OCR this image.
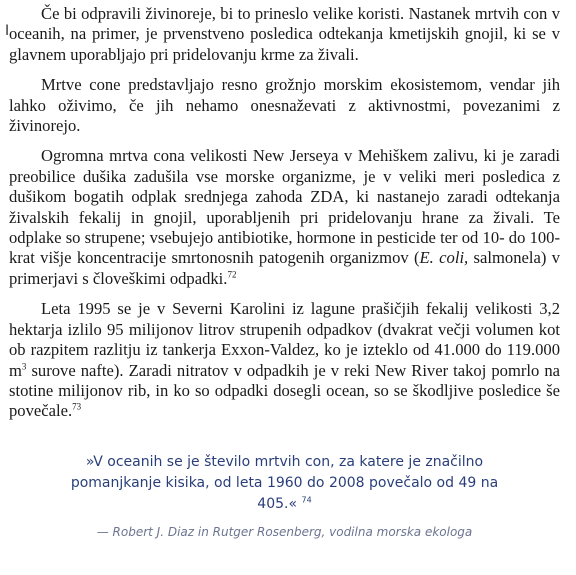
I

Če bi odpravili živinoreje, bi to prineslo velike koristi. Nastanek mrtvih con v oceanih, na primer, je prvenstveno posledica odtekanja kmetijskih gnojil, ki se v glavnem uporabljajo pri pridelovanju krme za živali.

Mrtve cone predstavljajo resno grožnjo morskim ekosistemom, vendar jih lahko oživimo, če jih nehamo onesnaževati z aktivnostmi, povezanimi z živinorejo.

Ogromna mrtva cona velikosti New Jerseya v Mehiškem zalivu, ki je zaradi preobilice dušika zadušila vse morske organizme, je v veliki meri posledica z dušikom bogatih odplak srednjega zahoda ZDA, ki nastanejo zaradi odtekanja živalskih fekalij in gnojil, uporabljenih pri pridelovanju hrane za živali. Te odplake so strupene; vsebujejo antibiotike, hormone in pesticide ter od 10- do 100-krat višje koncentracije smrtonosnih patogenih organizmov (E. coli, salmonela) v primerjavi s človeškimi odpadki.$^{72}$

Leta 1995 se je v Severni Karolini iz lagune prašičjih fekalij velikosti 3,2 hektarja izlilo 95 milijonov litrov strupenih odpadkov (dvakrat večji volumen kot ob razpitem razlitju iz tankerja Exxon-Valdez, ko je izteklo od 41.000 do 119.000 $m^3$ surove nafte). Zaradi nitratov v odpadkih je v reki New River takoj pomrlo na stotine milijonov rib, in ko so odpadki dosegli ocean, so se škodljive posledice še povečale.$^{73}$

»V oceanih se je število mrtvih con, za katere je značilno pomanjkanje kisika, od leta 1960 do 2008 povečalo od 49 na 405.« $^{74}$

— Robert J. Diaz in Rutger Rosenberg, vodilna morska ekologa
